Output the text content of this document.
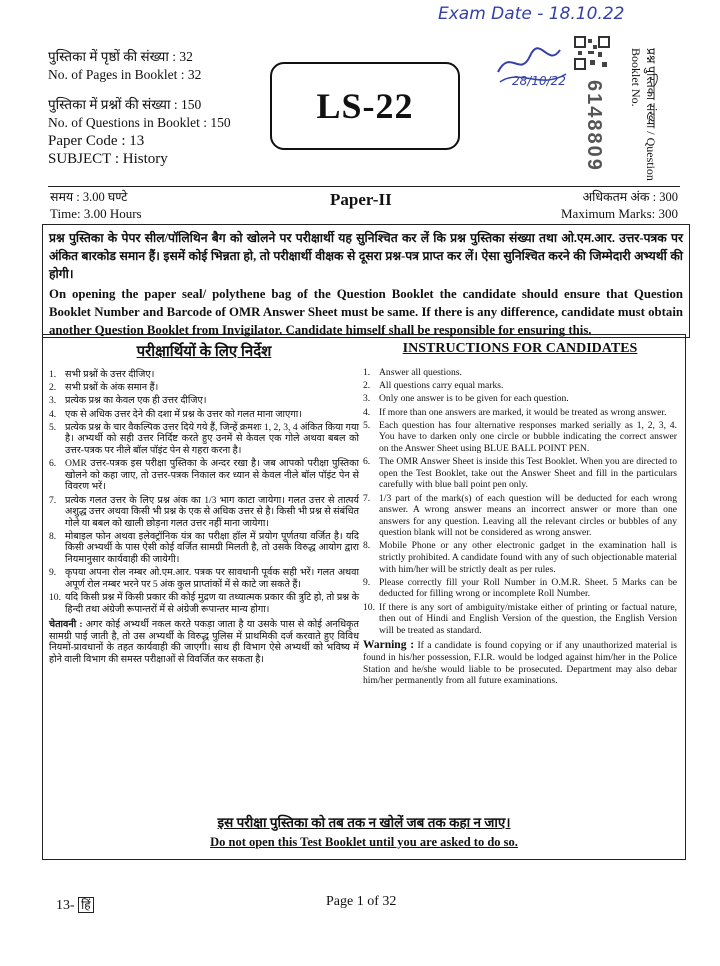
Exam Date - 18.10.22
पुस्तिका में पृष्ठों की संख्या : 32
No. of Pages in Booklet : 32
पुस्तिका में प्रश्नों की संख्या : 150
No. of Questions in Booklet : 150
Paper Code : 13
SUBJECT : History
LS-22
28/10/22 6148809	प्रश्न पुस्तिका संख्या / Question Booklet No.
समय : 3.00 घण्टे
Time: 3.00 Hours
Paper-II	अधिकतम अंक : 300
Maximum Marks: 300
प्रश्न पुस्तिका के पेपर सील/पॉलिथिन बैग को खोलने पर परीक्षार्थी यह सुनिश्चित कर लें कि प्रश्न पुस्तिका संख्या तथा ओ.एम.आर. उत्तर-पत्रक पर अंकित बारकोड समान हैं। इसमें कोई भिन्नता हो, तो परीक्षार्थी वीक्षक से दूसरा प्रश्न-पत्र प्राप्त कर लें। ऐसा सुनिश्चित करने की जिम्मेदारी अभ्यर्थी की होगी।
On opening the paper seal/ polythene bag of the Question Booklet the candidate should ensure that Question Booklet Number and Barcode of OMR Answer Sheet must be same. If there is any difference, candidate must obtain another Question Booklet from Invigilator. Candidate himself shall be responsible for ensuring this.
परीक्षार्थियों के लिए निर्देश
1. सभी प्रश्नों के उत्तर दीजिए।
2. सभी प्रश्नों के अंक समान हैं।
3. प्रत्येक प्रश्न का केवल एक ही उत्तर दीजिए।
4. एक से अधिक उत्तर देने की दशा में प्रश्न के उत्तर को गलत माना जाएगा।
5. प्रत्येक प्रश्न के चार वैकल्पिक उत्तर दिये गये हैं, जिन्हें क्रमशः 1, 2, 3, 4 अंकित किया गया है। अभ्यर्थी को सही उत्तर निर्दिष्ट करते हुए उनमें से केवल एक गोले अथवा बबल को उत्तर-पत्रक पर नीले बॉल पॉइंट पेन से गहरा करना है।
6. OMR उत्तर-पत्रक इस परीक्षा पुस्तिका के अन्दर रखा है। जब आपको परीक्षा पुस्तिका खोलने को कहा जाए, तो उत्तर-पत्रक निकाल कर ध्यान से केवल नीले बॉल पॉइंट पेन से विवरण भरें।
7. प्रत्येक गलत उत्तर के लिए प्रश्न अंक का 1/3 भाग काटा जायेगा। गलत उत्तर से तात्पर्य अशुद्ध उत्तर अथवा किसी भी प्रश्न के एक से अधिक उत्तर से है। किसी भी प्रश्न से संबंधित गोले या बबल को खाली छोड़ना गलत उत्तर नहीं माना जायेगा।
8. मोबाइल फोन अथवा इलेक्ट्रॉनिक यंत्र का परीक्षा हॉल में प्रयोग पूर्णतया वर्जित है। यदि किसी अभ्यर्थी के पास ऐसी कोई वर्जित सामग्री मिलती है, तो उसके विरुद्ध आयोग द्वारा नियमानुसार कार्यवाही की जायेगी।
9. कृपया अपना रोल नम्बर ओ.एम.आर. पत्रक पर सावधानी पूर्वक सही भरें। गलत अथवा अपूर्ण रोल नम्बर भरने पर 5 अंक कुल प्राप्तांकों में से काटे जा सकते हैं।
10. यदि किसी प्रश्न में किसी प्रकार की कोई मुद्रण या तथ्यात्मक प्रकार की त्रुटि हो, तो प्रश्न के हिन्दी तथा अंग्रेजी रूपान्तरों में से अंग्रेजी रूपान्तर मान्य होगा।
चेतावनी : अगर कोई अभ्यर्थी नकल करते पकड़ा जाता है या उसके पास से कोई अनधिकृत सामग्री पाई जाती है, तो उस अभ्यर्थी के विरुद्ध पुलिस में प्राथमिकी दर्ज करवाते हुए विविध नियमों-प्रावधानों के तहत कार्यवाही की जाएगी। साथ ही विभाग ऐसे अभ्यर्थी को भविष्य में होने वाली विभाग की समस्त परीक्षाओं से विवर्जित कर सकता है।
INSTRUCTIONS FOR CANDIDATES
1. Answer all questions.
2. All questions carry equal marks.
3. Only one answer is to be given for each question.
4. If more than one answers are marked, it would be treated as wrong answer.
5. Each question has four alternative responses marked serially as 1, 2, 3, 4. You have to darken only one circle or bubble indicating the correct answer on the Answer Sheet using BLUE BALL POINT PEN.
6. The OMR Answer Sheet is inside this Test Booklet. When you are directed to open the Test Booklet, take out the Answer Sheet and fill in the particulars carefully with blue ball point pen only.
7. 1/3 part of the mark(s) of each question will be deducted for each wrong answer. A wrong answer means an incorrect answer or more than one answers for any question. Leaving all the relevant circles or bubbles of any question blank will not be considered as wrong answer.
8. Mobile Phone or any other electronic gadget in the examination hall is strictly prohibited. A candidate found with any of such objectionable material with him/her will be strictly dealt as per rules.
9. Please correctly fill your Roll Number in O.M.R. Sheet. 5 Marks can be deducted for filling wrong or incomplete Roll Number.
10. If there is any sort of ambiguity/mistake either of printing or factual nature, then out of Hindi and English Version of the question, the English Version will be treated as standard.
Warning : If a candidate is found copying or if any unauthorized material is found in his/her possession, F.I.R. would be lodged against him/her in the Police Station and he/she would liable to be prosecuted. Department may also debar him/her permanently from all future examinations.
इस परीक्षा पुस्तिका को तब तक न खोलें जब तक कहा न जाए।
Do not open this Test Booklet until you are asked to do so.
13- हिं	Page 1 of 32
